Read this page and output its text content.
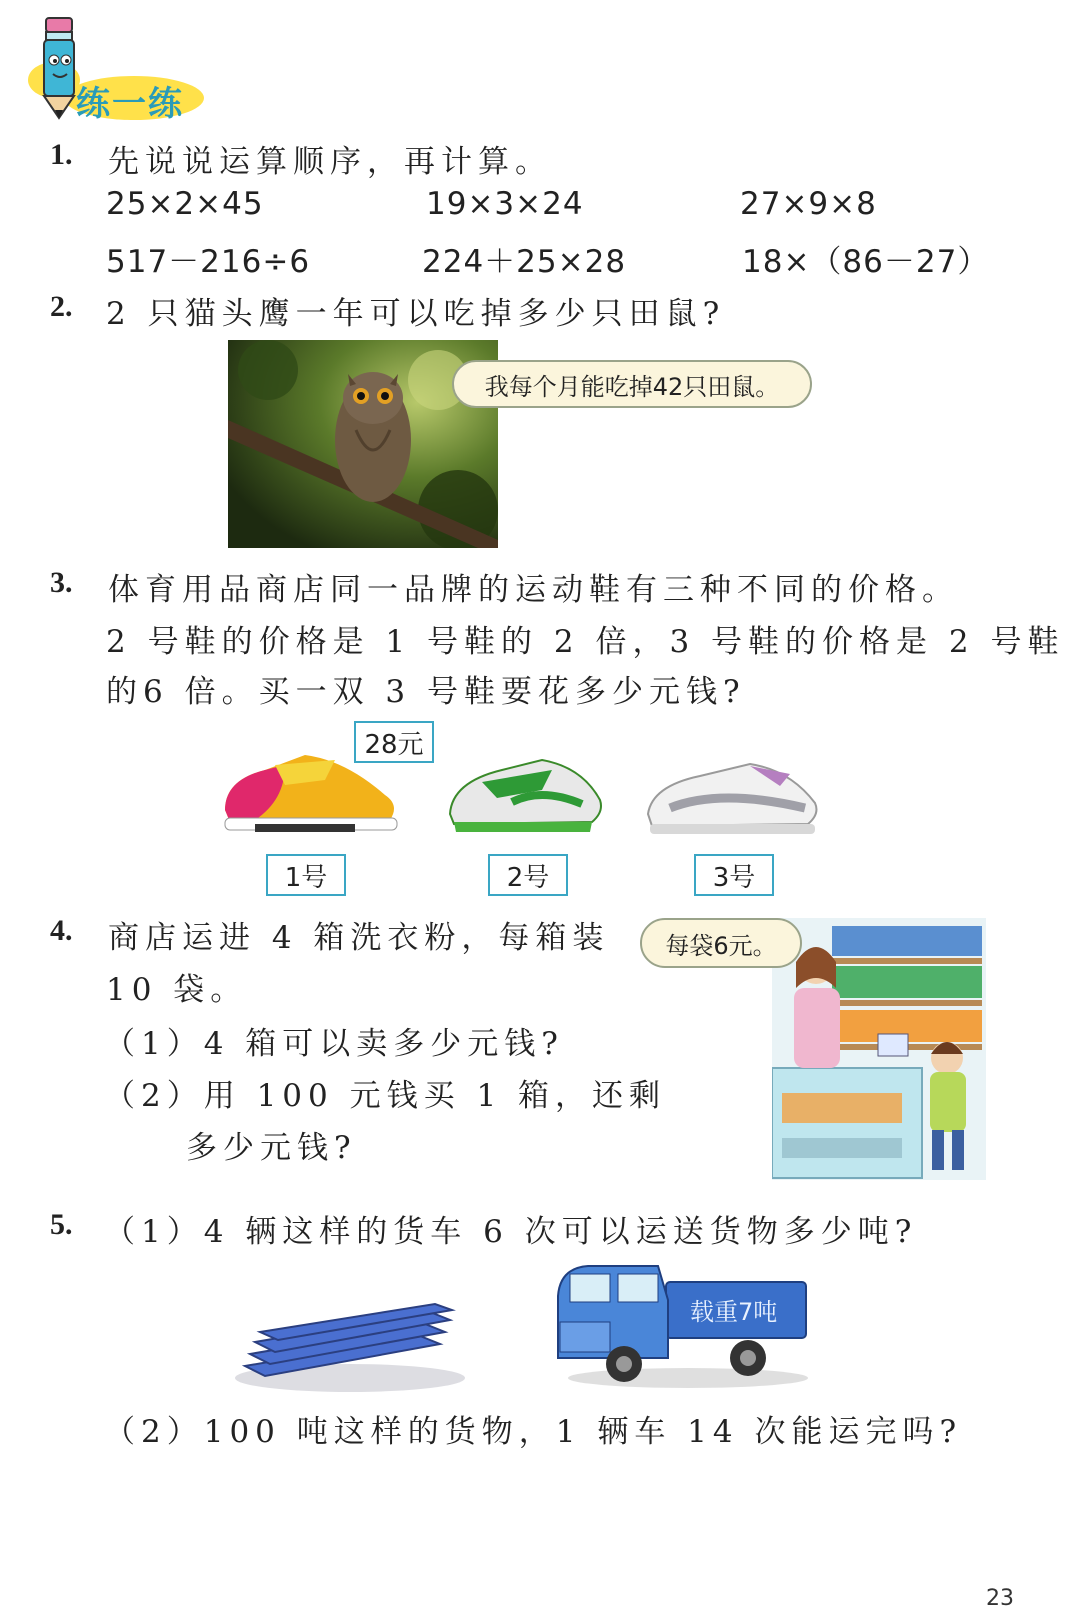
练一练
1. 先说说运算顺序，再计算。
25×2×45	19×3×24	27×9×8
517－216÷6	224＋25×28	18×（86－27）
2. 2 只猫头鹰一年可以吃掉多少只田鼠?
我每个月能吃掉42只田鼠。
3. 体育用品商店同一品牌的运动鞋有三种不同的价格。
2 号鞋的价格是 1 号鞋的 2 倍，3 号鞋的价格是 2 号鞋
的6 倍。买一双 3 号鞋要花多少元钱?
28元
1号	2号	3号
4. 商店运进 4 箱洗衣粉，每箱装
10 袋。
（1）4 箱可以卖多少元钱?
（2）用 100 元钱买 1 箱，还剩
多少元钱?
每袋6元。
5. （1）4 辆这样的货车 6 次可以运送货物多少吨?
载重7吨
（2）100 吨这样的货物，1 辆车 14 次能运完吗?
23
